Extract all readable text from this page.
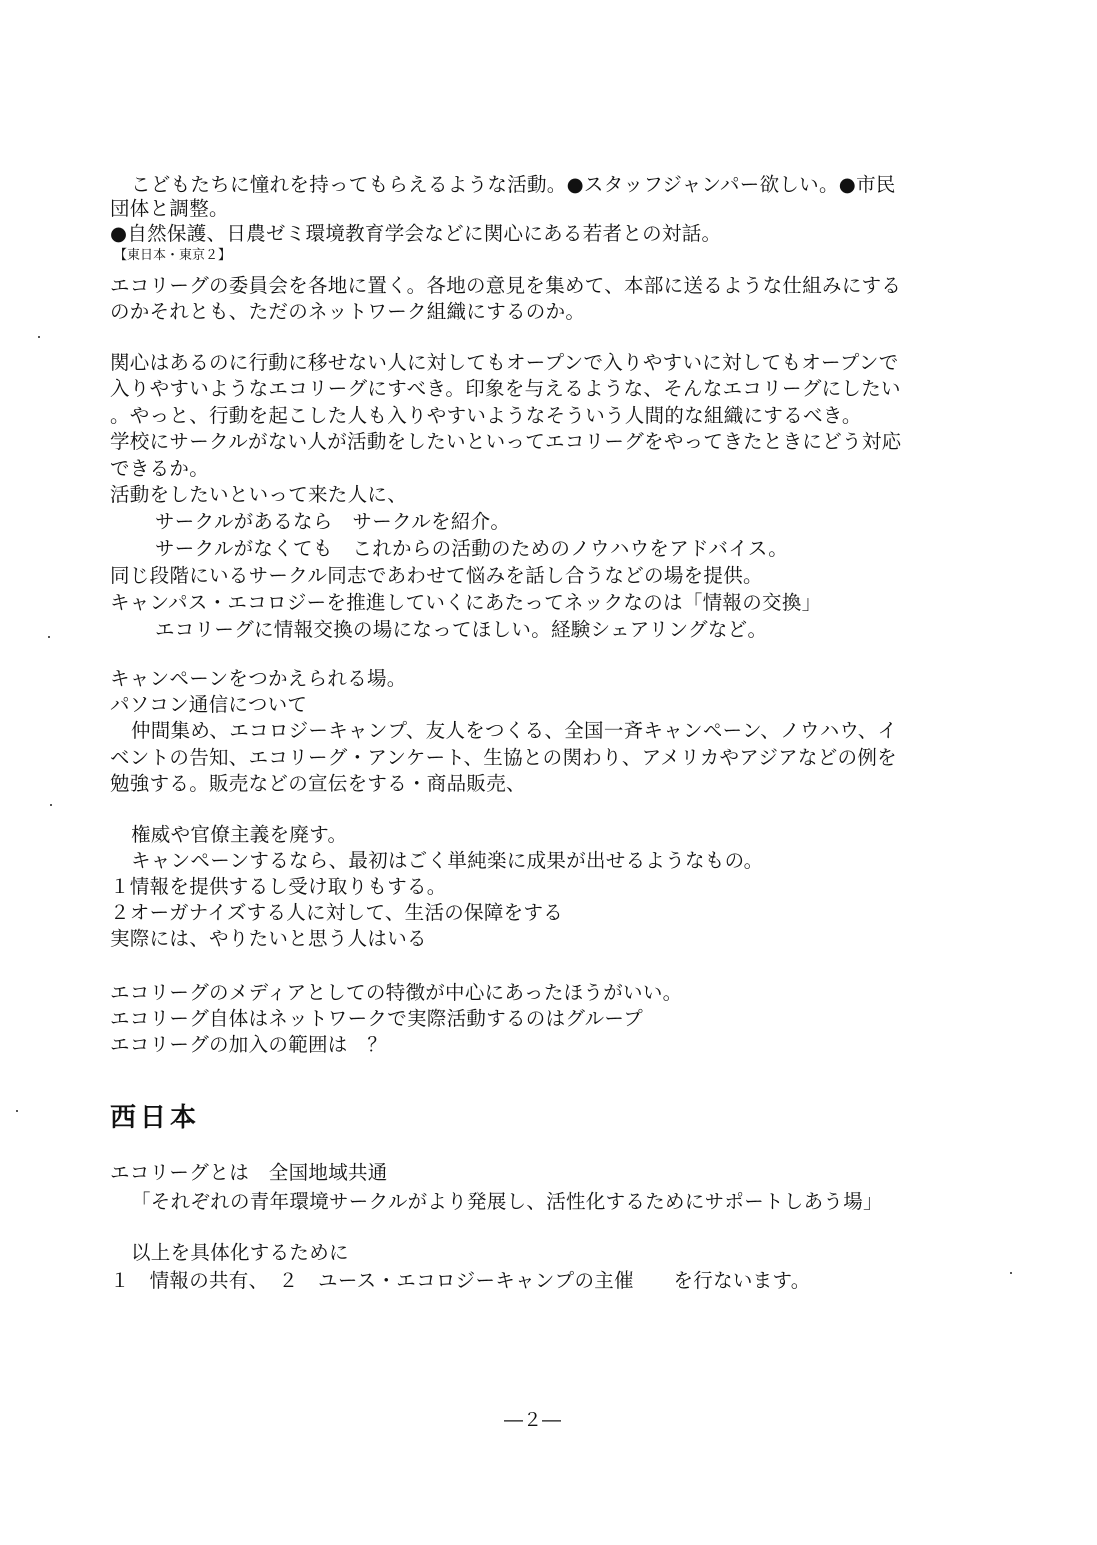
こどもたちに憧れを持ってもらえるような活動。●スタッフジャンパー欲しい。●市民
団体と調整。
●自然保護、日農ゼミ環境教育学会などに関心にある若者との対話。
【東日本・東京２】
エコリーグの委員会を各地に置く。各地の意見を集めて、本部に送るような仕組みにする
のかそれとも、ただのネットワーク組織にするのか。
関心はあるのに行動に移せない人に対してもオープンで入りやすいに対してもオープンで
入りやすいようなエコリーグにすべき。印象を与えるような、そんなエコリーグにしたい
。やっと、行動を起こした人も入りやすいようなそういう人間的な組織にするべき。
学校にサークルがない人が活動をしたいといってエコリーグをやってきたときにどう対応
できるか。
活動をしたいといって来た人に、
サークルがあるなら　サークルを紹介。
サークルがなくても　これからの活動のためのノウハウをアドバイス。
同じ段階にいるサークル同志であわせて悩みを話し合うなどの場を提供。
キャンパス・エコロジーを推進していくにあたってネックなのは「情報の交換」
エコリーグに情報交換の場になってほしい。経験シェアリングなど。
キャンペーンをつかえられる場。
パソコン通信について
仲間集め、エコロジーキャンプ、友人をつくる、全国一斉キャンペーン、ノウハウ、イ
ベントの告知、エコリーグ・アンケート、生協との関わり、アメリカやアジアなどの例を
勉強する。販売などの宣伝をする・商品販売、
権威や官僚主義を廃す。
キャンペーンするなら、最初はごく単純楽に成果が出せるようなもの。
１情報を提供するし受け取りもする。
２オーガナイズする人に対して、生活の保障をする
実際には、やりたいと思う人はいる
エコリーグのメディアとしての特徴が中心にあったほうがいい。
エコリーグ自体はネットワークで実際活動するのはグループ
エコリーグの加入の範囲は　？
西日本
エコリーグとは　全国地域共通
「それぞれの青年環境サークルがより発展し、活性化するためにサポートしあう場」
以上を具体化するために
１　情報の共有、　２　ユース・エコロジーキャンプの主催　　を行ないます。
―２―
